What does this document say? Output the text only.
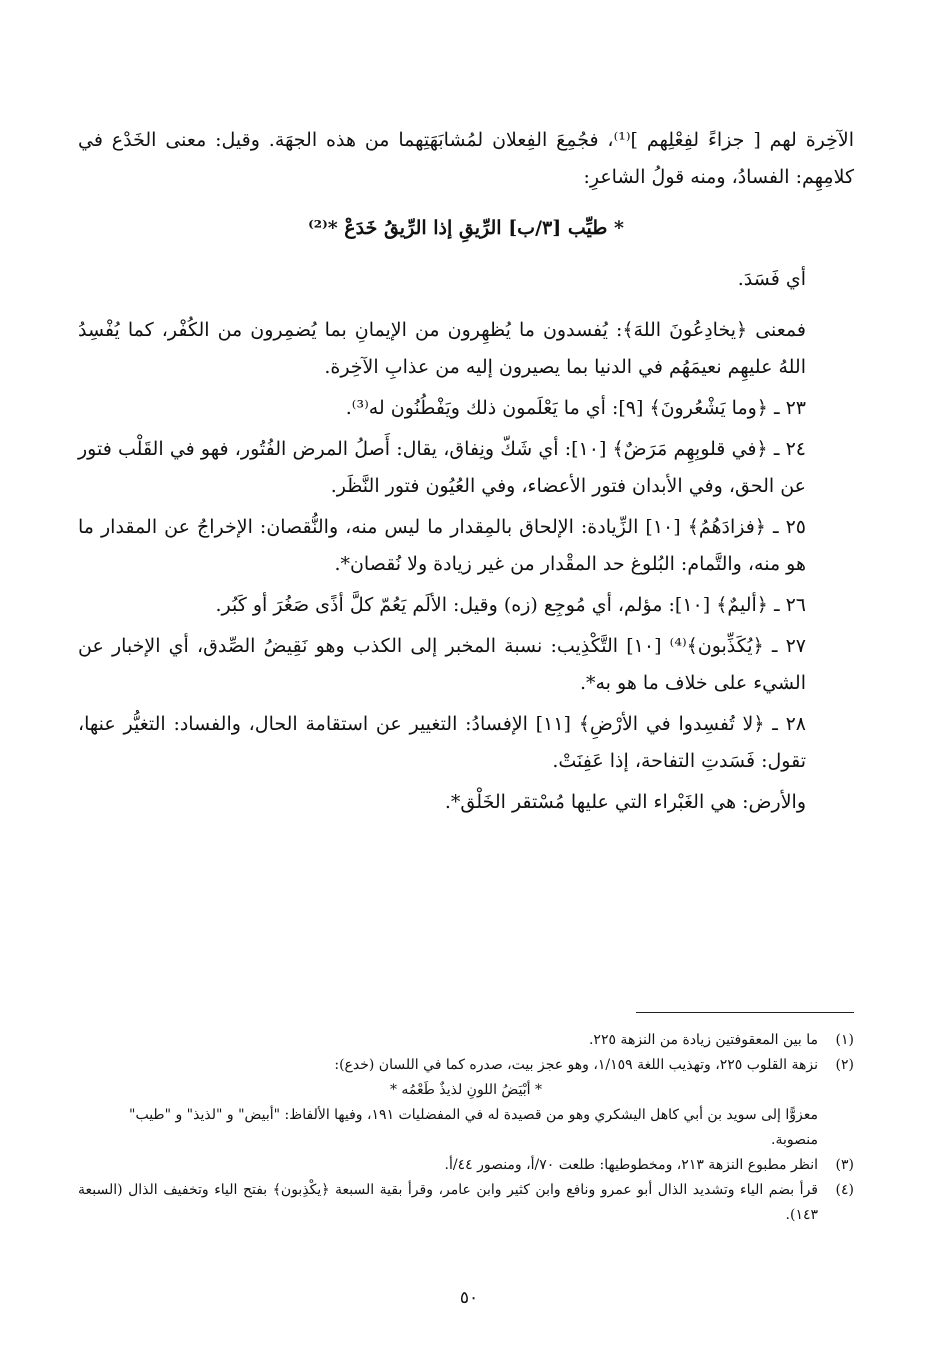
الآخِرة لهم [ جزاءً لفِعْلِهم ]⁽¹⁾، فجُمِعَ الفِعلان لمُشابَهَتِهما من هذه الجهَة. وقيل: معنى الخَدْع في كلامِهِم: الفسادُ، ومنه قولُ الشاعرِ:

* طيِّب [٣/ب] الرِّيقِ إذا الرِّيقُ خَدَعْ *⁽²⁾

أي فَسَدَ.

فمعنى ﴿يخادِعُونَ اللهَ﴾: يُفسدون ما يُظهِرون من الإيمانِ بما يُضمِرون من الكُفْر، كما يُفْسِدُ اللهُ عليهِم نعيمَهُم في الدنيا بما يصيرون إليه من عذابِ الآخِرة.

٢٣ ـ ﴿وما يَشْعُرونَ﴾ [٩]: أي ما يَعْلَمون ذلك ويَفْطُنُون له⁽³⁾.

٢٤ ـ ﴿في قلوبِهِم مَرَضٌ﴾ [١٠]: أي شَكّ ونِفاق، يقال: أَصلُ المرض الفُتُور، فهو في القَلْب فتور عن الحق، وفي الأبدان فتور الأعضاء، وفي العُيُون فتور النَّظَر.

٢٥ ـ ﴿فزادَهُمُ﴾ [١٠] الزِّيادة: الإلحاق بالمِقدار ما ليس منه، والنُّقصان: الإخراجُ عن المقدار ما هو منه، والتَّمام: البُلوغ حد المقْدار من غير زيادة ولا نُقصان*.

٢٦ ـ ﴿أليمٌ﴾ [١٠]: مؤلم، أي مُوجِع (زه) وقيل: الألَم يَعُمّ كلَّ أذًى صَغُرَ أو كَبُر.

٢٧ ـ ﴿يُكَذِّبون﴾⁽⁴⁾ [١٠] التَّكْذِيب: نسبة المخبر إلى الكذب وهو نَقِيضُ الصِّدق، أي الإخبار عن الشيء على خلاف ما هو به*.

٢٨ ـ ﴿لا تُفسِدوا في الأرْضِ﴾ [١١] الإفسادُ: التغيير عن استقامة الحال، والفساد: التغيُّر عنها، تقول: فَسَدتِ التفاحة، إذا عَفِنَتْ.

والأرض: هي الغَبْراء التي عليها مُسْتقر الخَلْق*.

(١)
ما بين المعقوفتين زيادة من النزهة ٢٢٥.
(٢)
نزهة القلوب ٢٢٥، وتهذيب اللغة ١/١٥٩، وهو عجز بيت، صدره كما في اللسان (خدع):
* أبْيَضُ اللونِ لذيذٌ طَعْمُه *

معزوًّا إلى سويد بن أبي كاهل اليشكري وهو من قصيدة له في المفضليات ١٩١، وفيها الألفاظ: "أبيض" و "لذيذ" و "طيب" منصوبة.

(٣)
انظر مطبوع النزهة ٢١٣، ومخطوطيها: طلعت ٧٠/أ، ومنصور ٤٤/أ.
(٤)
قرأ بضم الياء وتشديد الذال أبو عمرو ونافع وابن كثير وابن عامر، وقرأ بقية السبعة ﴿يكْذِبون﴾ بفتح الياء وتخفيف الذال (السبعة ١٤٣).
٥٠
